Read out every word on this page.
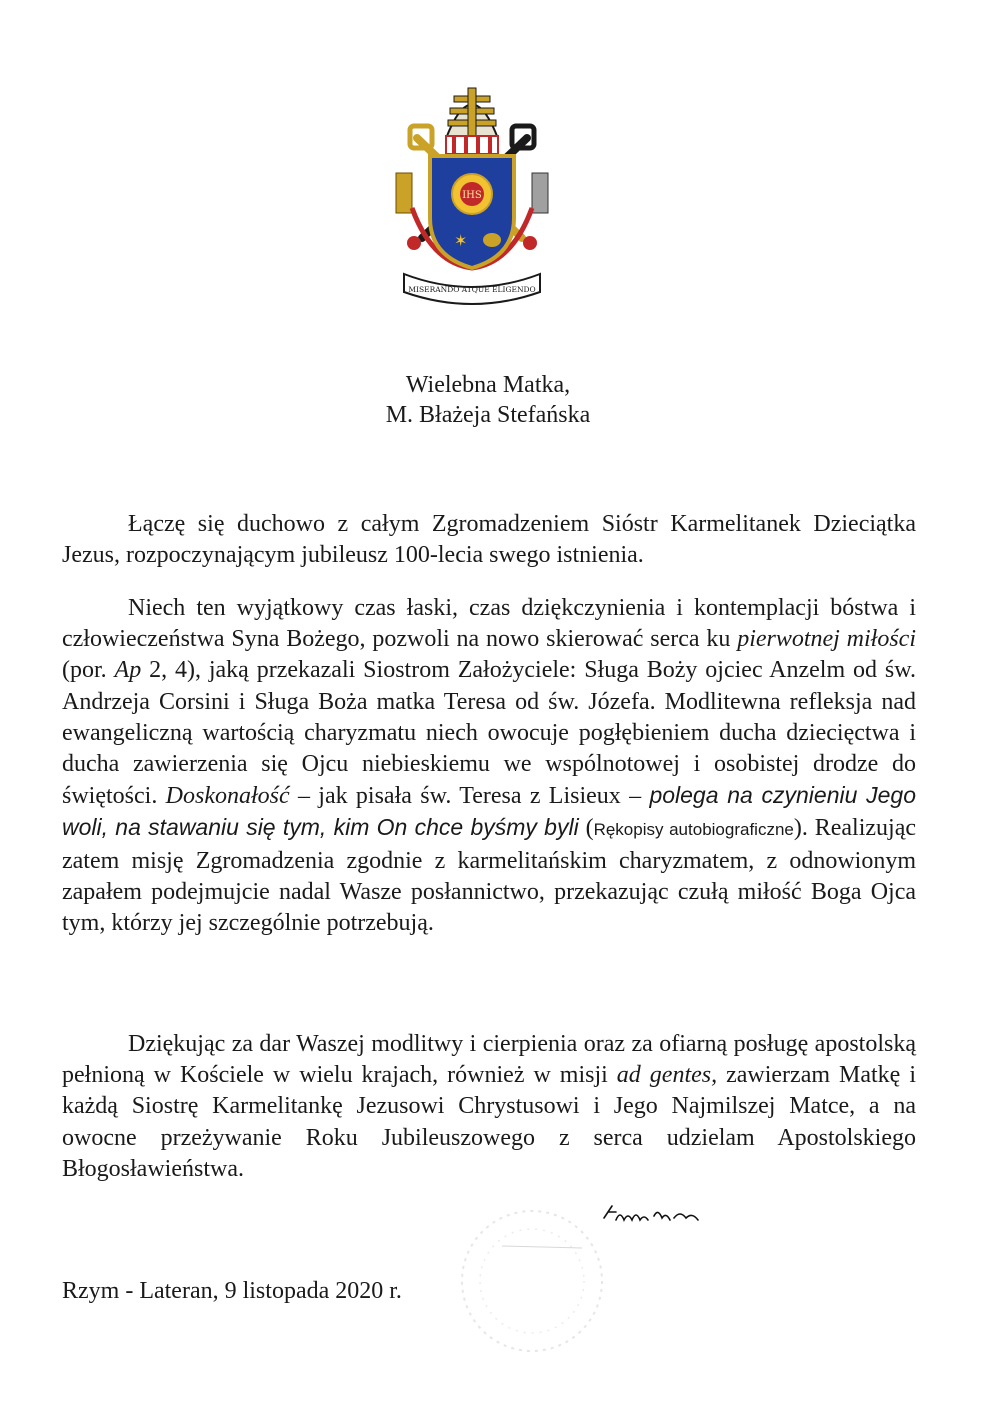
IHS
✶
MISERANDO ATQUE ELIGENDO
Wielebna Matka,
M. Błażeja Stefańska

Łączę się duchowo z całym Zgromadzeniem Sióstr Karmelitanek Dzieciątka Jezus, rozpoczynającym jubileusz 100-lecia swego istnienia.

Niech ten wyjątkowy czas łaski, czas dziękczynienia i kontemplacji bóstwa i człowieczeństwa Syna Bożego, pozwoli na nowo skierować serca ku pierwotnej miłości (por. Ap 2, 4), jaką przekazali Siostrom Założyciele: Sługa Boży ojciec Anzelm od św. Andrzeja Corsini i Sługa Boża matka Teresa od św. Józefa. Modlitewna refleksja nad ewangeliczną wartością charyzmatu niech owocuje pogłębieniem ducha dziecięctwa i ducha zawierzenia się Ojcu niebieskiemu we wspólnotowej i osobistej drodze do świętości. Doskonałość – jak pisała św. Teresa z Lisieux – polega na czynieniu Jego woli, na stawaniu się tym, kim On chce byśmy byli (Rękopisy autobiograficzne). Realizując zatem misję Zgromadzenia zgodnie z karmelitańskim charyzmatem, z odnowionym zapałem podejmujcie nadal Wasze posłannictwo, przekazując czułą miłość Boga Ojca tym, którzy jej szczególnie potrzebują.

Dziękując za dar Waszej modlitwy i cierpienia oraz za ofiarną posługę apostolską pełnioną w Kościele w wielu krajach, również w misji ad gentes, zawierzam Matkę i każdą Siostrę Karmelitankę Jezusowi Chrystusowi i Jego Najmilszej Matce, a na owocne przeżywanie Roku Jubileuszowego z serca udzielam Apostolskiego Błogosławieństwa.

Rzym - Lateran, 9 listopada 2020 r.
